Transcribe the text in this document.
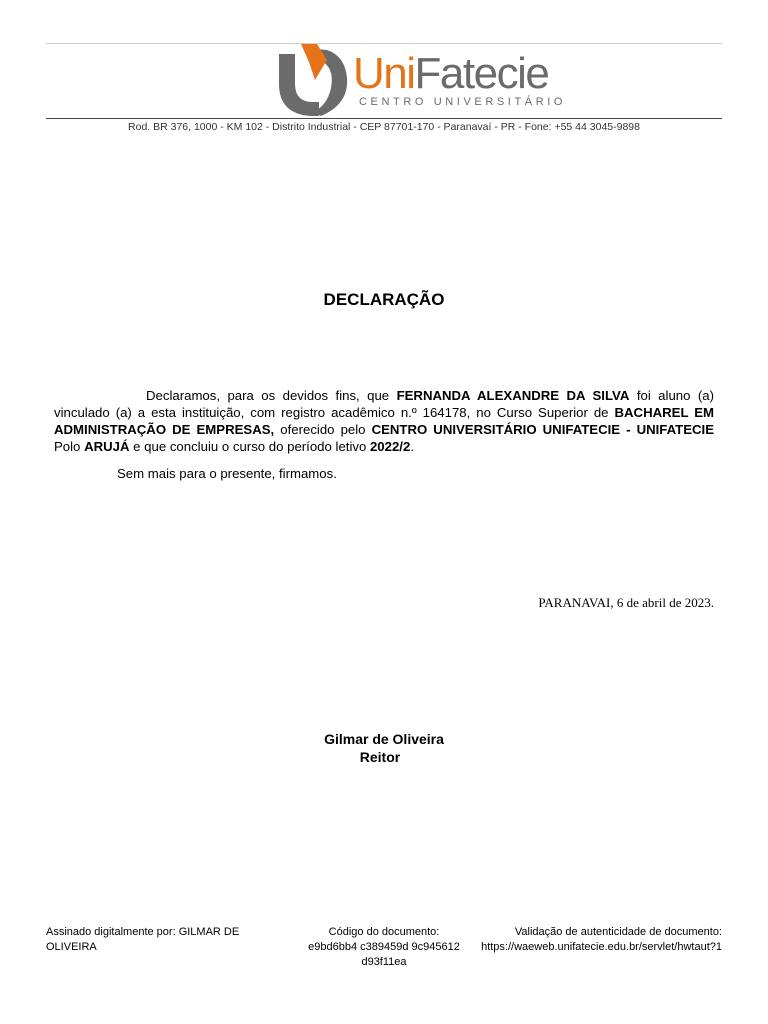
UniFatecie
CENTRO UNIVERSITÁRIO
Rod. BR 376, 1000 - KM 102 - Distrito Industrial - CEP 87701-170 - Paranavaí - PR - Fone: +55 44 3045-9898
DECLARAÇÃO
Declaramos, para os devidos fins, que FERNANDA ALEXANDRE DA SILVA foi aluno (a) vinculado (a) a esta instituição, com registro acadêmico n.º 164178, no Curso Superior de BACHAREL EM ADMINISTRAÇÃO DE EMPRESAS, oferecido pelo CENTRO UNIVERSITÁRIO UNIFATECIE - UNIFATECIE Polo ARUJÁ e que concluiu o curso do período letivo 2022/2.
Sem mais para o presente, firmamos.
PARANAVAI, 6 de abril de 2023.
Gilmar de Oliveira
Reitor
Assinado digitalmente por: GILMAR DE OLIVEIRA
Código do documento:
e9bd6bb4 c389459d 9c945612 d93f11ea
Validação de autenticidade de documento:
https://waeweb.unifatecie.edu.br/servlet/hwtaut?1
